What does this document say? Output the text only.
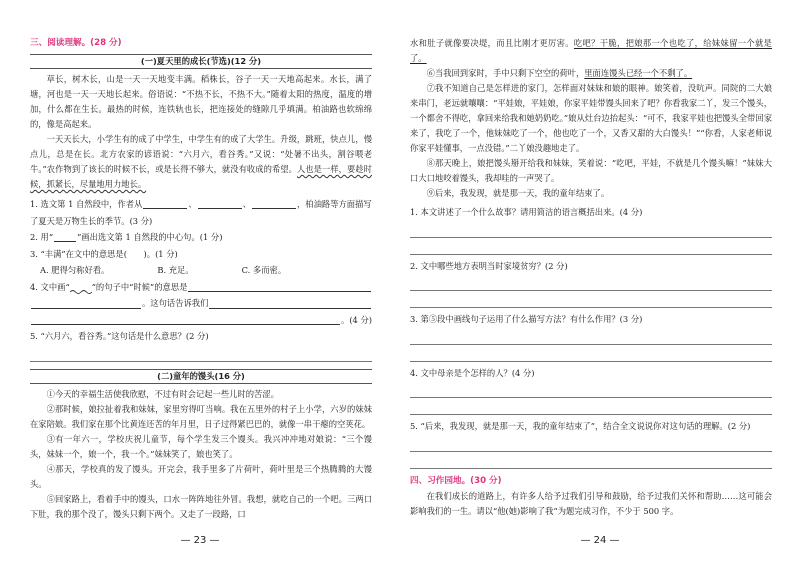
三、阅读理解。(28 分)
(一)夏天里的成长(节选)(12 分)

草长，树木长，山是一天一天地变丰满。稻株长，谷子一天一天地高起来。水长，满了塘，河也是一天一天地长起来。俗语说：“不热不长，不热不大。”随着太阳的热度，温度的增加，什么都在生长。最热的时候，连铁轨也长，把连接处的缝隙几乎填满。柏油路也软绵绵的，像是高起来。

一天天长大，小学生有的成了中学生，中学生有的成了大学生。升级，跳班，快点儿，慢点儿，总是在长。北方农家的谚语说：“六月六，看谷秀。”又说：“处暑不出头，割谷喂老牛。”农作物到了该长的时候不长，或是长得不够大，就没有收成的希望。人也是一样，要趁时候，抓紧长，尽量地用力地长。

1. 选文第 1 自然段中，作者从	、	、	，柏油路等方面描写了夏天是万物生长的季节。(3 分)
2. 用“	”画出选文第 1 自然段的中心句。(1 分)
3. “丰满”在文中的意思是(　　)。(1 分)
A. 肥得匀称好看。	B. 充足。	C. 多而密。
4. 文中画“	”的句子中“时候”的意思是
。这句话告诉我们
。(4 分)
5. “六月六，看谷秀。”这句话是什么意思？(2 分)
(二)童年的馒头(16 分)

①今天的幸福生活使我欣慰，不过有时会记起一些儿时的苦涩。

②那时候，娘拉扯着我和妹妹，家里穷得叮当响。我在五里外的村子上小学，六岁的妹妹在家陪娘。我们家在那个比黄连还苦的年月里，日子过得紧巴巴的，就像一串干瘪的空荚花。

③有一年六一，学校庆祝儿童节，每个学生发三个馒头。我兴冲冲地对娘说：“三个馒头，妹妹一个，娘一个，我一个。”妹妹笑了，娘也笑了。

④那天，学校真的发了馒头。开完会，我手里多了片荷叶，荷叶里是三个热腾腾的大馒头。

⑤回家路上，看着手中的馒头，口水一阵阵地往外冒。我想，就吃自己的一个吧。三两口下肚，我的那个没了，馒头只剩下两个。又走了一段路，口

— 23 —

水和肚子就像要决堤，而且比刚才更厉害。吃吧？干脆，把娘那一个也吃了，给妹妹留一个就是了。

⑥当我回到家时，手中只剩下空空的荷叶，里面连馒头已经一个不剩了。

⑦我不知道自己是怎样进的家门，怎样面对妹妹和娘的眼神。娘笑着，没吭声。同院的二大娘来串门，老远就嚷嚷：“平娃娘，平娃娘，你家平娃带馒头回来了吧？你看我家二丫，发三个馒头，一个都舍不得吃，拿回来给我和她奶奶吃。”娘从灶台边抬起头：“可不，我家平娃也把馒头全带回家来了，我吃了一个，他妹妹吃了一个，他也吃了一个，又香又甜的大白馒头！”“你看，人家老师说你家平娃懂事，一点没错。”二丫娘没趣地走了。

⑧那天晚上，娘把馒头掰开给我和妹妹，笑着说：“吃吧，平娃，不就是几个馒头嘛！”妹妹大口大口地咬着馒头，我却哇的一声哭了。

⑨后来，我发现，就是那一天，我的童年结束了。

1. 本文讲述了一个什么故事？请用简洁的语言概括出来。(4 分)
2. 文中哪些地方表明当时家境贫穷？(2 分)
3. 第⑤段中画线句子运用了什么描写方法？有什么作用？(3 分)
4. 文中母亲是个怎样的人？(4 分)
5. “后来，我发现，就是那一天，我的童年结束了”，结合全文说说你对这句话的理解。(2 分)
四、习作园地。(30 分)

在我们成长的道路上，有许多人给予过我们引导和鼓励，给予过我们关怀和帮助……这可能会影响我们的一生。请以“他(她)影响了我”为题完成习作，不少于 500 字。

— 24 —
